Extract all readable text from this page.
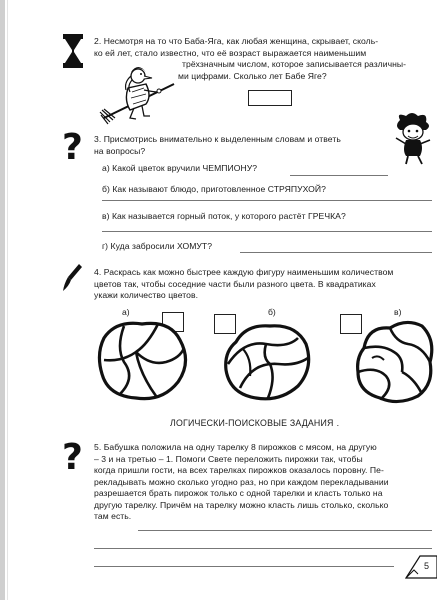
2. Несмотря на то что Баба-Яга, как любая женщина, скрывает, сколь-
ко ей лет, стало известно, что её возраст выражается наименьшим
трёхзначным числом, которое записывается различны-
ми цифрами. Сколько лет Бабе Яге?
? 3. Присмотрись внимательно к выделенным словам и ответь
на вопросы?
а) Какой цветок вручили ЧЕМПИОНУ?
б) Как называют блюдо, приготовленное СТРЯПУХОЙ?
в) Как называется горный поток, у которого растёт ГРЕЧКА?
г) Куда забросили ХОМУТ?
4. Раскрась как можно быстрее каждую фигуру наименьшим количеством
цветов так, чтобы соседние части были разного цвета. В квадратиках
укажи количество цветов.
а)	б)	в)
ЛОГИЧЕСКИ-ПОИСКОВЫЕ ЗАДАНИЯ .
? 5. Бабушка положила на одну тарелку 8 пирожков с мясом, на другую
– 3 и на третью – 1. Помоги Свете переложить пирожки так, чтобы
когда пришли гости, на всех тарелках пирожков оказалось поровну. Пе-
рекладывать можно сколько угодно раз, но при каждом перекладывании
разрешается брать пирожок только с одной тарелки и класть только на
другую тарелку. Причём на тарелку можно класть лишь столько, сколько
там есть.
5
